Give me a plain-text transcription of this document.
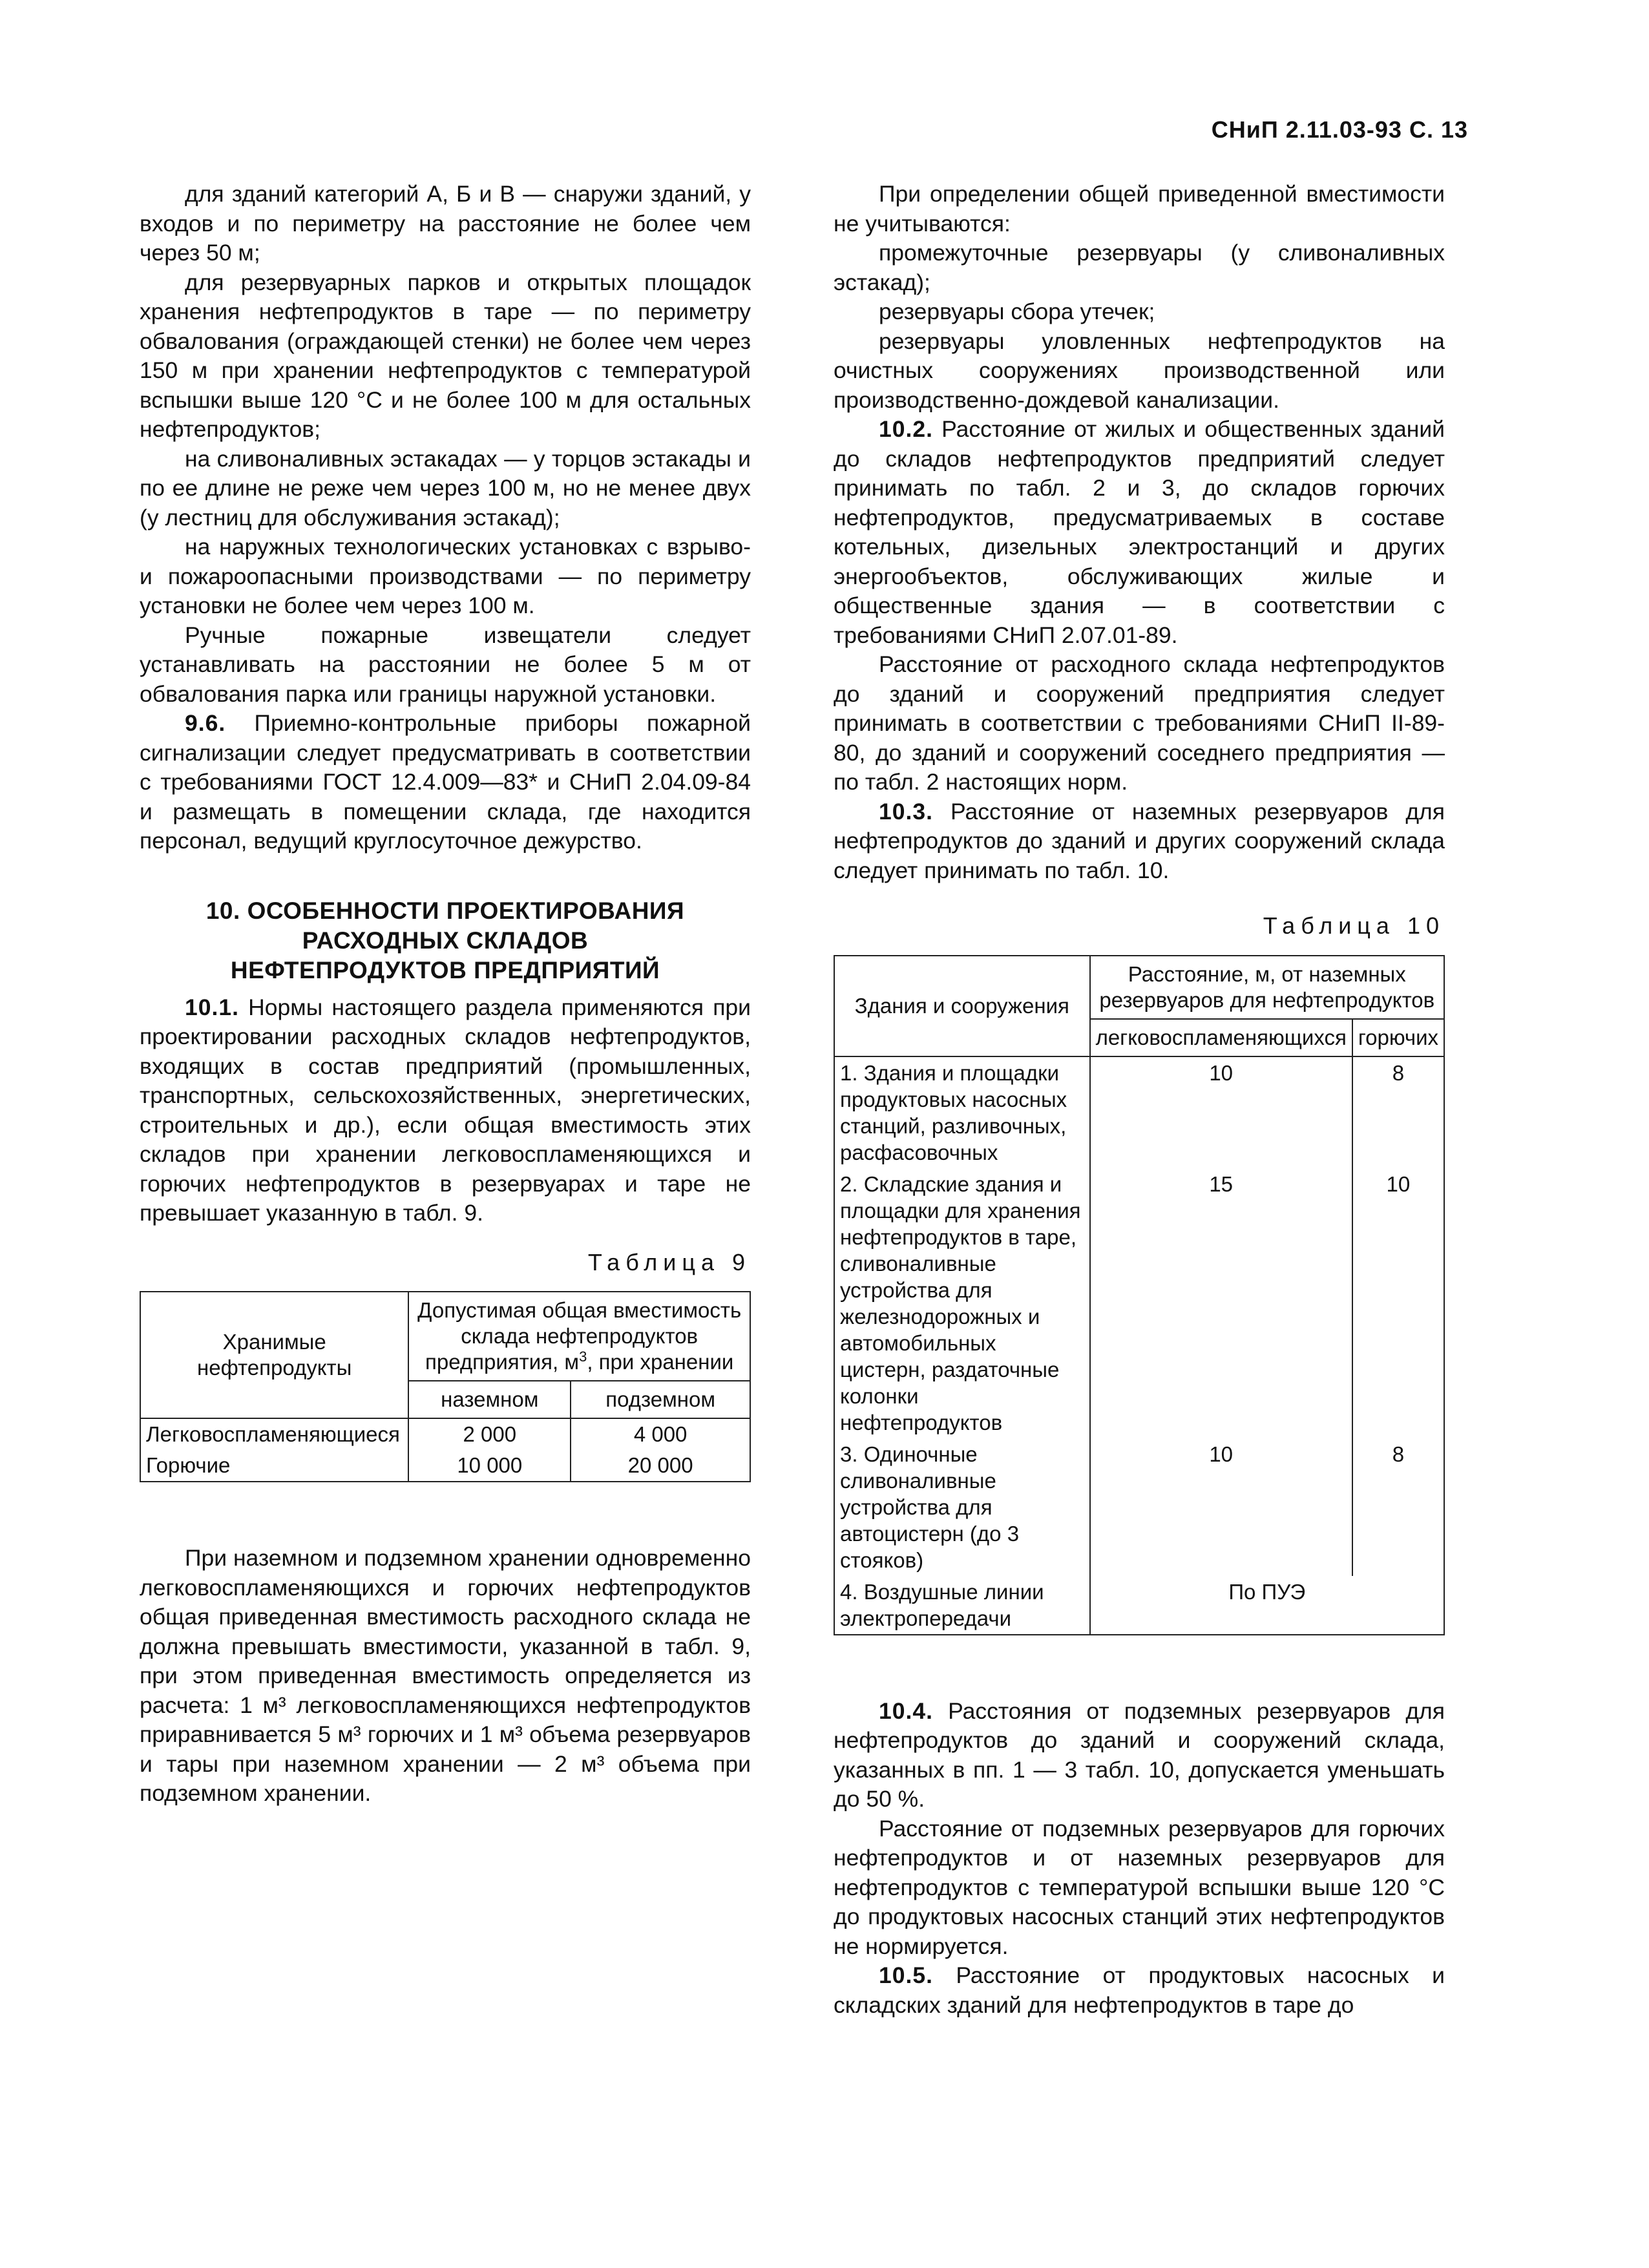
СНиП 2.11.03-93 С. 13

для зданий категорий А, Б и В — снаружи зданий, у входов и по периметру на расстояние не более чем через 50 м;

для резервуарных парков и открытых площадок хранения нефтепродуктов в таре — по периметру обвалования (ограждающей стенки) не более чем через 150 м при хранении нефтепродуктов с температурой вспышки выше 120 °С и не более 100 м для остальных нефтепродуктов;

на сливоналивных эстакадах — у торцов эстакады и по ее длине не реже чем через 100 м, но не менее двух (у лестниц для обслуживания эстакад);

на наружных технологических установках с взрыво- и пожароопасными производствами — по периметру установки не более чем через 100 м.

Ручные пожарные извещатели следует устанавливать на расстоянии не более 5 м от обвалования парка или границы наружной установки.

9.6. Приемно-контрольные приборы пожарной сигнализации следует предусматривать в соответствии с требованиями ГОСТ 12.4.009—83* и СНиП 2.04.09-84 и размещать в помещении склада, где находится персонал, ведущий круглосуточное дежурство.

10. ОСОБЕННОСТИ ПРОЕКТИРОВАНИЯ
РАСХОДНЫХ СКЛАДОВ
НЕФТЕПРОДУКТОВ ПРЕДПРИЯТИЙ

10.1. Нормы настоящего раздела применяются при проектировании расходных складов нефтепродуктов, входящих в состав предприятий (промышленных, транспортных, сельскохозяйственных, энергетических, строительных и др.), если общая вместимость этих складов при хранении легковоспламеняющихся и горючих нефтепродуктов в резервуарах и таре не превышает указанную в табл. 9.

Таблица 9
Хранимые нефтепродукты	Допустимая общая вместимость склада нефтепродуктов предприятия, $м^3$, при хранении	
	наземном	подземном
Легковоспламеняющиеся	2 000	4 000
Горючие	10 000	20 000

При наземном и подземном хранении одновременно легковоспламеняющихся и горючих нефтепродуктов общая приведенная вместимость расходного склада не должна превышать вместимости, указанной в табл. 9, при этом приведенная вместимость определяется из расчета: 1 м³ легковоспламеняющихся нефтепродуктов приравнивается 5 м³ горючих и 1 м³ объема резервуаров и тары при наземном хранении — 2 м³ объема при подземном хранении.

При определении общей приведенной вместимости не учитываются:

промежуточные резервуары (у сливоналивных эстакад);

резервуары сбора утечек;

резервуары уловленных нефтепродуктов на очистных сооружениях производственной или производственно-дождевой канализации.

10.2. Расстояние от жилых и общественных зданий до складов нефтепродуктов предприятий следует принимать по табл. 2 и 3, до складов горючих нефтепродуктов, предусматриваемых в составе котельных, дизельных электростанций и других энергообъектов, обслуживающих жилые и общественные здания — в соответствии с требованиями СНиП 2.07.01-89.

Расстояние от расходного склада нефтепродуктов до зданий и сооружений предприятия следует принимать в соответствии с требованиями СНиП II-89-80, до зданий и сооружений соседнего предприятия — по табл. 2 настоящих норм.

10.3. Расстояние от наземных резервуаров для нефтепродуктов до зданий и других сооружений склада следует принимать по табл. 10.

Таблица 10
Здания и сооружения	Расстояние, м, от наземных резервуаров для нефтепродуктов	
	легковоспламеняющихся	горючих
1. Здания и площадки продуктовых насосных станций, разливочных, расфасовочных	10	8
2. Складские здания и площадки для хранения нефтепродуктов в таре, сливоналивные устройства для железнодорожных и автомобильных цистерн, раздаточные колонки нефтепродуктов	15	10
3. Одиночные сливоналивные устройства для автоцистерн (до 3 стояков)	10	8
4. Воздушные линии электропередачи	По ПУЭ	

10.4. Расстояния от подземных резервуаров для нефтепродуктов до зданий и сооружений склада, указанных в пп. 1 — 3 табл. 10, допускается уменьшать до 50 %.

Расстояние от подземных резервуаров для горючих нефтепродуктов и от наземных резервуаров для нефтепродуктов с температурой вспышки выше 120 °С до продуктовых насосных станций этих нефтепродуктов не нормируется.

10.5. Расстояние от продуктовых насосных и складских зданий для нефтепродуктов в таре до
